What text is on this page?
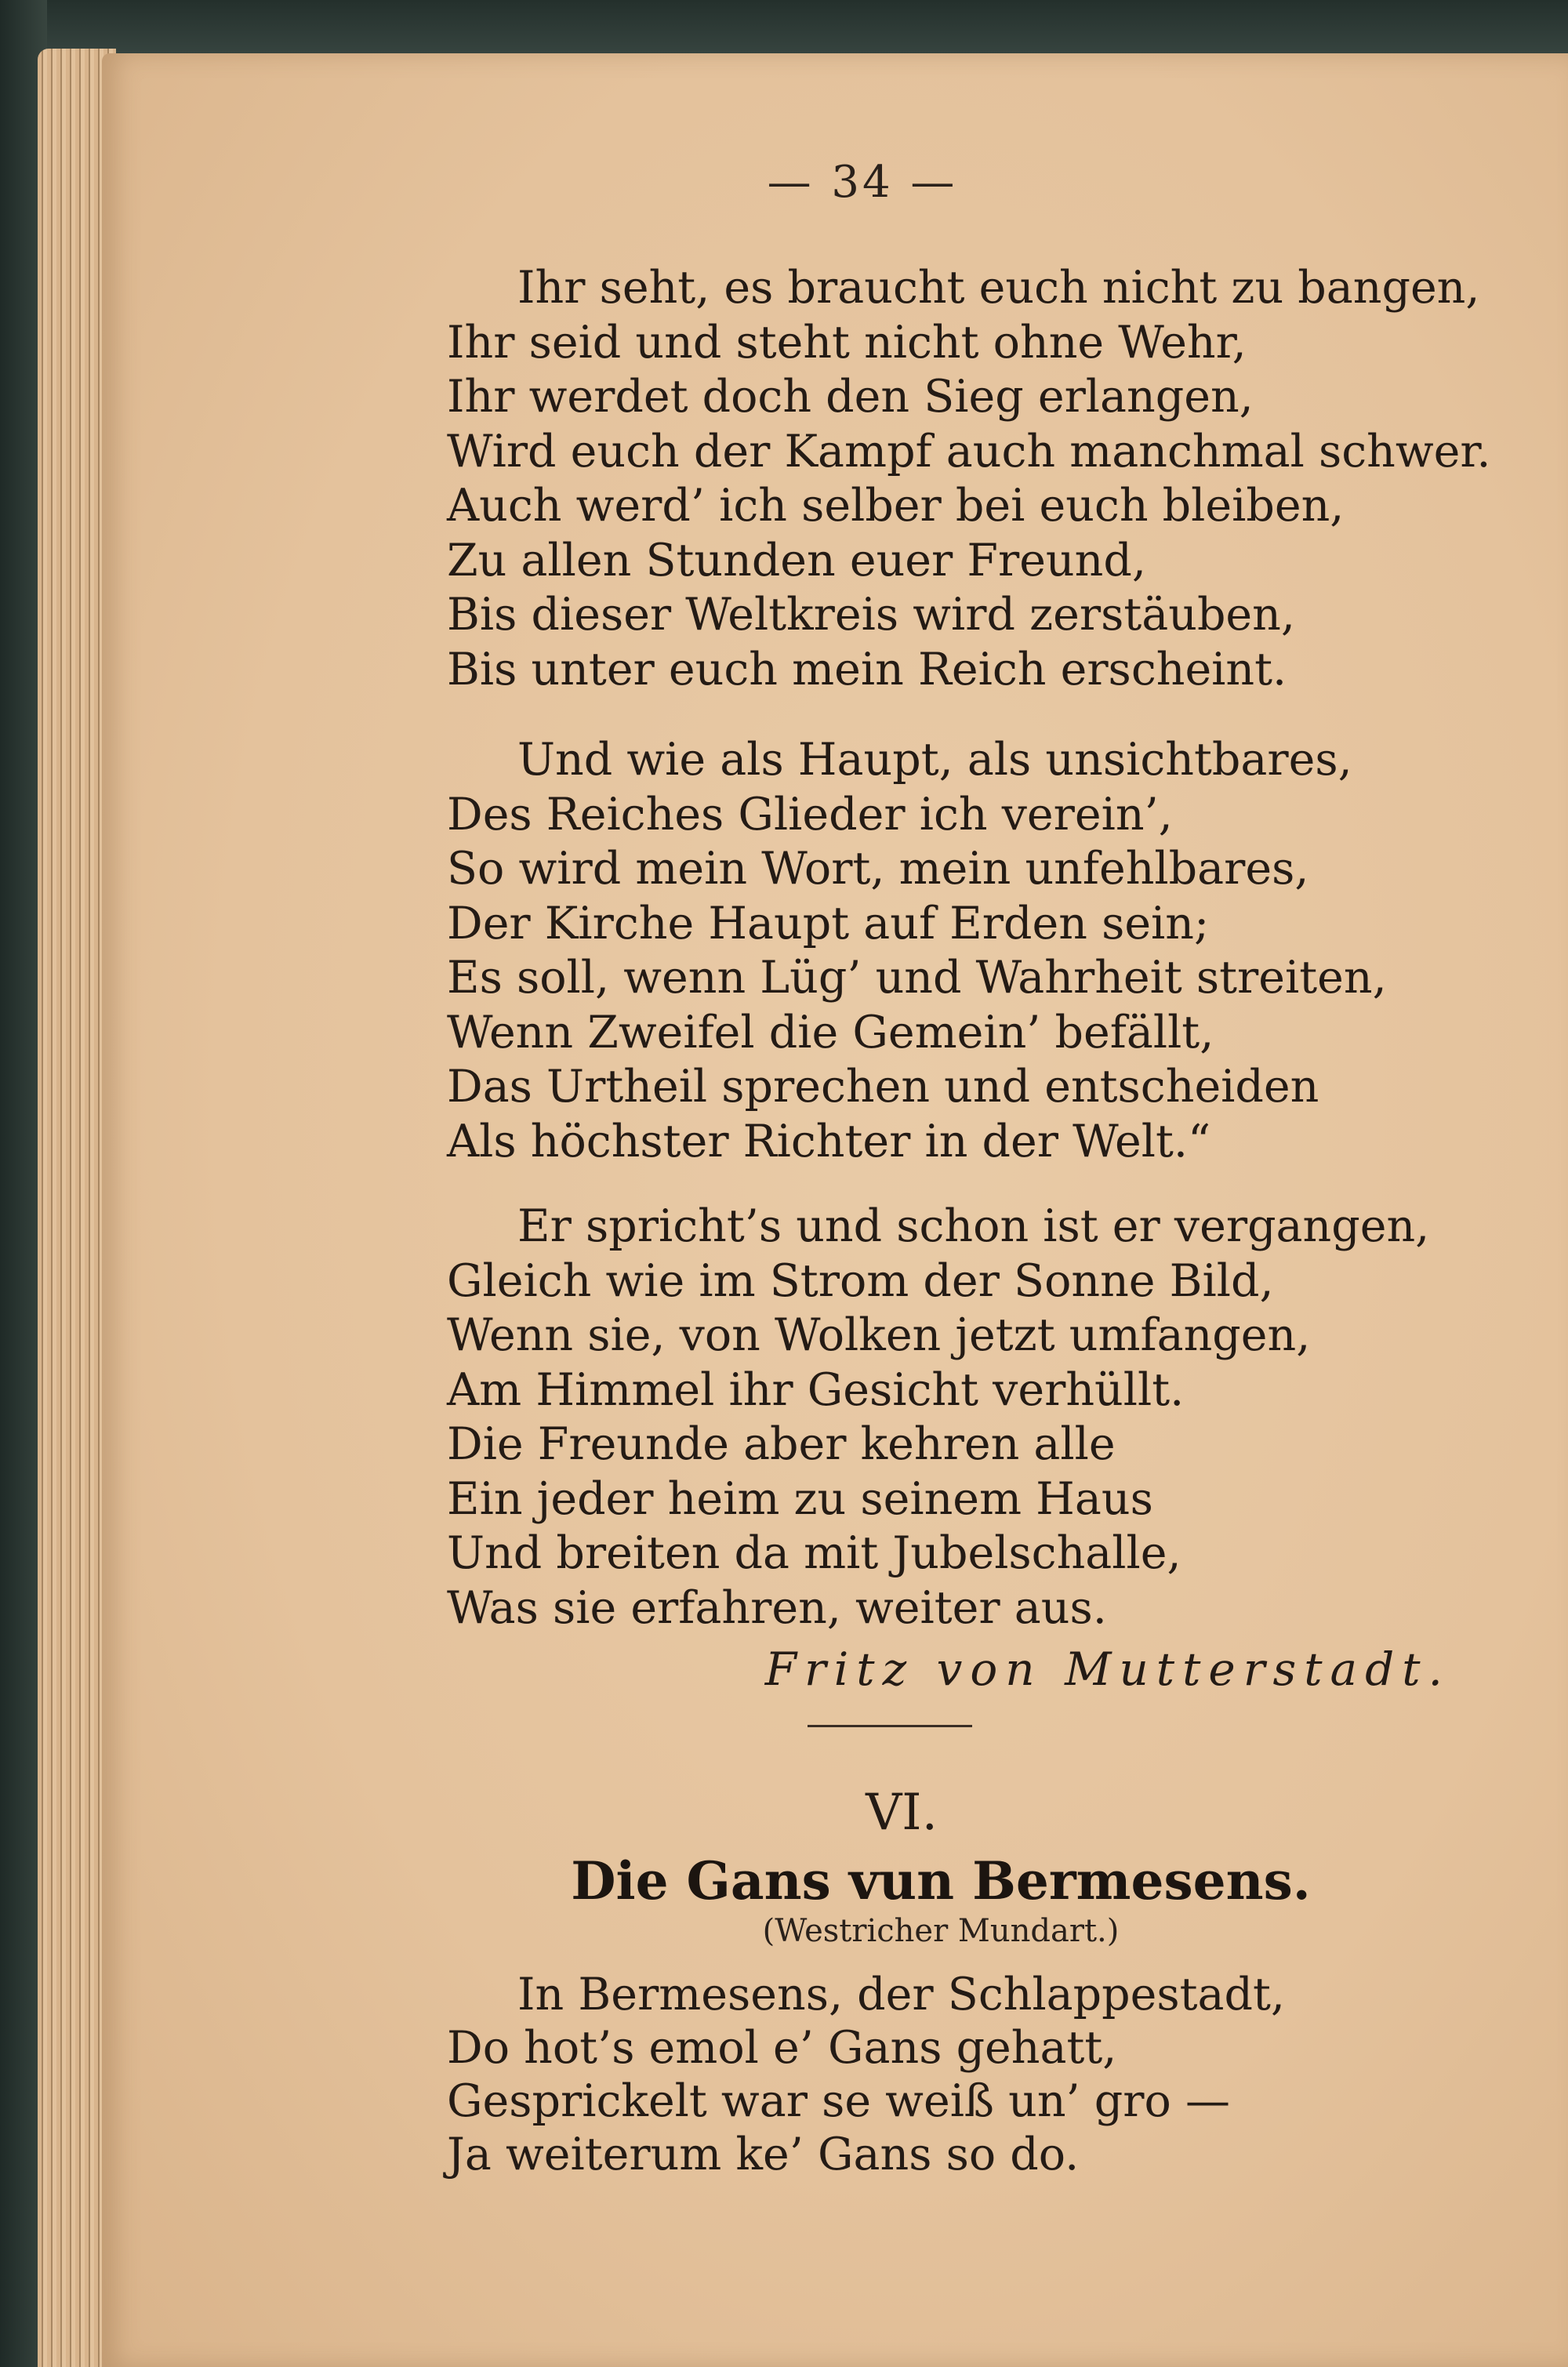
— 34 —
Ihr seht, es braucht euch nicht zu bangen,
Ihr seid und steht nicht ohne Wehr,
Ihr werdet doch den Sieg erlangen,
Wird euch der Kampf auch manchmal schwer.
Auch werd’ ich selber bei euch bleiben,
Zu allen Stunden euer Freund,
Bis dieser Weltkreis wird zerstäuben,
Bis unter euch mein Reich erscheint.
Und wie als Haupt, als unsichtbares,
Des Reiches Glieder ich verein’,
So wird mein Wort, mein unfehlbares,
Der Kirche Haupt auf Erden sein;
Es soll, wenn Lüg’ und Wahrheit streiten,
Wenn Zweifel die Gemein’ befällt,
Das Urtheil sprechen und entscheiden
Als höchster Richter in der Welt.“
Er spricht’s und schon ist er vergangen,
Gleich wie im Strom der Sonne Bild,
Wenn sie, von Wolken jetzt umfangen,
Am Himmel ihr Gesicht verhüllt.
Die Freunde aber kehren alle
Ein jeder heim zu seinem Haus
Und breiten da mit Jubelschalle,
Was sie erfahren, weiter aus.
Fritz von Mutterstadt.
VI.
Die Gans vun Bermesens.
(Westricher Mundart.)
In Bermesens, der Schlappestadt,
Do hot’s emol e’ Gans gehatt,
Gesprickelt war se weiß un’ gro —
Ja weiterum ke’ Gans so do.
